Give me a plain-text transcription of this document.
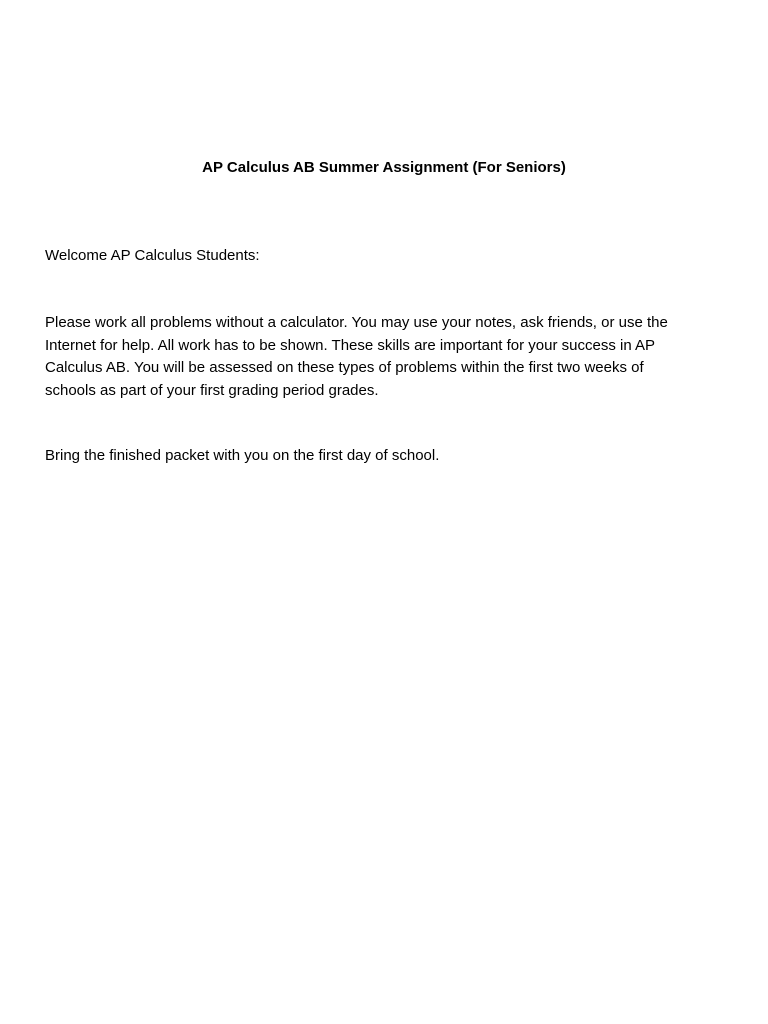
AP Calculus AB Summer Assignment (For Seniors)
Welcome AP Calculus Students:
Please work all problems without a calculator. You may use your notes, ask friends, or use the
Internet for help. All work has to be shown. These skills are important for your success in AP
Calculus AB. You will be assessed on these types of problems within the first two weeks of
schools as part of your first grading period grades.
Bring the finished packet with you on the first day of school.
